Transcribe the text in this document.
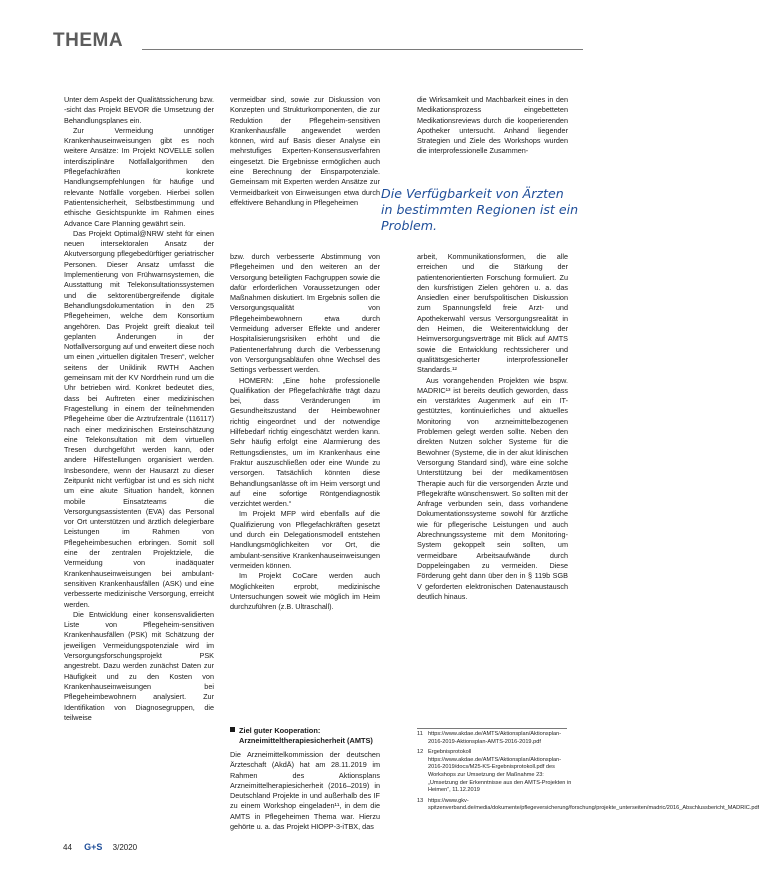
THEMA

Unter dem Aspekt der Qualitätssicherung bzw. -sicht das Projekt BEVOR die Umsetzung der Behandlungsplanes ein.

Zur Vermeidung unnötiger Krankenhauseinweisungen gibt es noch weitere Ansätze: Im Projekt NOVELLE sollen interdisziplinäre Notfallalgorithmen den Pflegefachkräften konkrete Handlungsempfehlungen für häufige und relevante Notfälle vorgeben. Hierbei sollen Patientensicherheit, Selbstbestimmung und ethische Gesichtspunkte im Rahmen eines Advance Care Planning gewährt sein.

Das Projekt Optimal@NRW steht für einen neuen intersektoralen Ansatz der Akutversorgung pflegebedürftiger geriatrischer Personen. Dieser Ansatz umfasst die Implementierung von Frühwarnsystemen, die Ausstattung mit Telekonsultationssystemen und die sektorenübergreifende digitale Behandlungsdokumentation in den 25 Pflegeheimen, welche dem Konsortium angehören. Das Projekt greift dieakut teil geplanten Änderungen in der Notfallversorgung auf und erweitert diese noch um einen „virtuellen digitalen Tresen“, welcher seitens der Uniklinik RWTH Aachen gemeinsam mit der KV Nordrhein rund um die Uhr betrieben wird. Konkret bedeutet dies, dass bei Auftreten einer medizinischen Fragestellung in einem der teilnehmenden Pflegeheime über die Arztrufzentrale (116117) nach einer medizinischen Ersteinschätzung eine Telekonsultation mit dem virtuellen Tresen durchgeführt werden kann, oder andere Hilfestellungen organisiert werden. Insbesondere, wenn der Hausarzt zu dieser Zeitpunkt nicht verfügbar ist und es sich nicht um eine akute Situation handelt, können mobile Einsatzteams die Versorgungsassistenten (EVA) das Personal vor Ort unterstützen und ärztlich delegierbare Leistungen im Rahmen von Pflegeheimbesuchen erbringen. Somit soll eine der zentralen Projektziele, die Vermeidung von inadäquater Krankenhauseinweisungen bei ambulant-sensitiven Krankenhausfällen (ASK) und eine verbesserte medizinische Versorgung, erreicht werden.

Die Entwicklung einer konsensvalidierten Liste von Pflegeheim-sensitiven Krankenhausfällen (PSK) mit Schätzung der jeweiligen Vermeidungspotenziale wird im Versorgungsforschungsprojekt PSK angestrebt. Dazu werden zunächst Daten zur Häufigkeit und zu den Kosten von Krankenhauseinweisungen bei Pflegeheimbewohnern analysiert. Zur Identifikation von Diagnosegruppen, die teilweise

vermeidbar sind, sowie zur Diskussion von Konzepten und Strukturkomponenten, die zur Reduktion der Pflegeheim-sensitiven Krankenhausfälle angewendet werden können, wird auf Basis dieser Analyse ein mehrstufiges Experten-Konsensusverfahren eingesetzt. Die Ergebnisse ermöglichen auch eine Berechnung der Einsparpotenziale. Gemeinsam mit Experten werden Ansätze zur Vermeidbarkeit von Einweisungen etwa durch effektivere Behandlung in Pflegeheimen

bzw. durch verbesserte Abstimmung von Pflegeheimen und den weiteren an der Versorgung beteiligten Fachgruppen sowie die dafür erforderlichen Voraussetzungen oder Maßnahmen diskutiert. Im Ergebnis sollen die Versorgungsqualität von Pflegeheimbewohnern etwa durch Vermeidung adverser Effekte und anderer Hospitalisierungsrisiken erhöht und die Patientenerfahrung durch die Verbesserung von Versorgungsabläufen ohne Wechsel des Settings verbessert werden.

HOMERN: „Eine hohe professionelle Qualifikation der Pflegefachkräfte trägt dazu bei, dass Veränderungen im Gesundheitszustand der Heimbewohner richtig eingeordnet und der notwendige Hilfebedarf richtig eingeschätzt werden kann. Sehr häufig erfolgt eine Alarmierung des Rettungsdienstes, um im Krankenhaus eine Fraktur auszuschließen oder eine Wunde zu versorgen. Tatsächlich könnten diese Behandlungsanlässe oft im Heim versorgt und auf eine sofortige Röntgendiagnostik verzichtet werden.“

Im Projekt MFP wird ebenfalls auf die Qualifizierung von Pflegefachkräften gesetzt und durch ein Delegationsmodell entstehen Handlungsmöglichkeiten vor Ort, die ambulant-sensitive Krankenhauseinweisungen vermeiden können.

Im Projekt CoCare werden auch Möglichkeiten erprobt, medizinische Untersuchungen soweit wie möglich im Heim durchzuführen (z.B. Ultraschall).

Die Verfügbarkeit von Ärzten
in bestimmten Regionen ist ein
Problem.
Ziel guter Kooperation:
Arzneimitteltherapiesicherheit (AMTS)

Die Arzneimittelkommission der deutschen Ärzteschaft (AkdÄ) hat am 28.11.2019 im Rahmen des Aktionsplans Arzneimittelherapiesicherheit (2016–2019) in Deutschland Projekte in und außerhalb des IF zu einem Workshop eingeladen¹¹, in dem die AMTS in Pflegeheimen Thema war. Hierzu gehörte u. a. das Projekt HIOPP-3-iTBX, das

die Wirksamkeit und Machbarkeit eines in den Medikationsprozess eingebetteten Medikationsreviews durch die kooperierenden Apotheker untersucht. Anhand liegender Strategien und Ziele des Workshops wurden die interprofessionelle Zusammen-

arbeit, Kommunikationsformen, die alle erreichen und die Stärkung der patientenorientierten Forschung formuliert. Zu den kursfristigen Zielen gehören u. a. das Ansiedlen einer berufspolitischen Diskussion zum Spannungsfeld freie Arzt- und Apothekerwahl versus Versorgungsrealität in den Heimen, die Weiterentwicklung der Heimversorgungsverträge mit Blick auf AMTS sowie die Entwicklung rechtssicherer und qualitätsgesicherter interprofessioneller Standards.¹²

Aus vorangehenden Projekten wie bspw. MADRIC¹³ ist bereits deutlich geworden, dass ein verstärktes Augenmerk auf ein IT-gestütztes, kontinuierliches und aktuelles Monitoring von arzneimittelbezogenen Problemen gelegt werden sollte. Neben den direkten Nutzen solcher Systeme für die Bewohner (Systeme, die in der akut klinischen Versorgung Standard sind), wäre eine solche Unterstützung bei der medikamentösen Therapie auch für die versorgenden Ärzte und Pflegekräfte wünschenswert. So sollten mit der Anfrage verbunden sein, dass vorhandene Dokumentationssysteme sowohl für ärztliche wie für pflegerische Leistungen und auch Abrechnungssysteme mit dem Monitoring-System gekoppelt sein sollten, um vermeidbare Arbeitsaufwände durch Doppeleingaben zu vermeiden. Diese Förderung geht dann über den in § 119b SGB V geforderten elektronischen Datenaustausch deutlich hinaus.

11 https://www.akdae.de/AMTS/Aktionsplan/Aktionsplan-2016-2019-Aktionsplan-AMTS-2016-2019.pdf
12 Ergebnisprotokoll https://www.akdae.de/AMTS/Aktionsplan/Aktionsplan-2016-2019/docs/M25-KS-Ergebnisprotokoll.pdf des Workshops zur Umsetzung der Maßnahme 23: „Umsetzung der Erkenntnisse aus den AMTS-Projekten in Heimen“, 11.12.2019
13 https://www.gkv-spitzenverband.de/media/dokumente/pflegeversicherung/forschung/projekte_unterseiten/madric/2016_Abschlussbericht_MADRIC.pdf
44 G+S 3/2020
